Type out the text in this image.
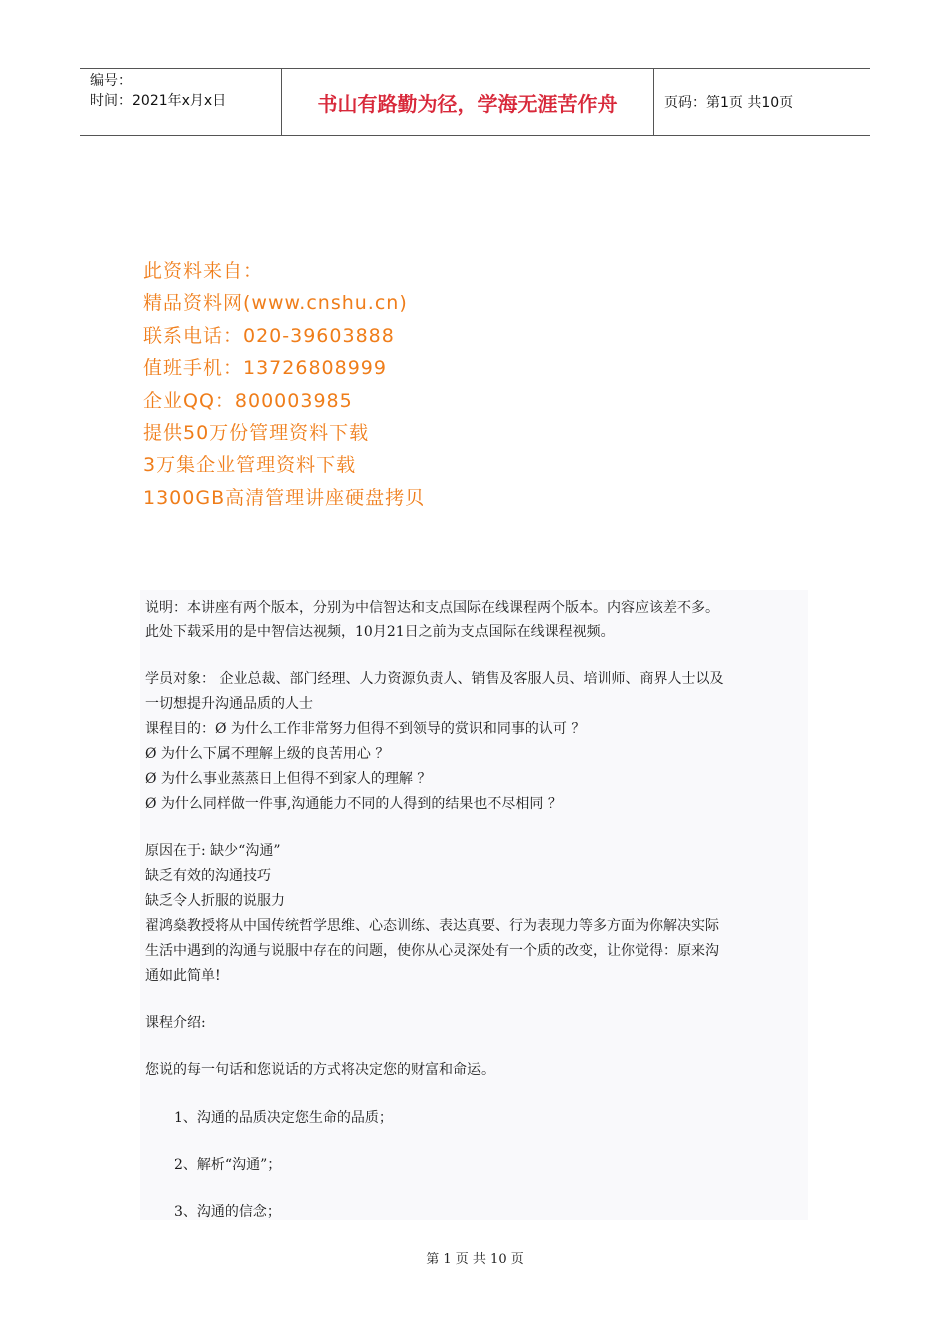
编号：
时间：2021年x月x日	书山有路勤为径，学海无涯苦作舟	页码：第1页 共10页
此资料来自：
精品资料网(www.cnshu.cn)
联系电话：020-39603888
值班手机：13726808999
企业QQ：800003985
提供50万份管理资料下载
3万集企业管理资料下载
1300GB高清管理讲座硬盘拷贝
说明：本讲座有两个版本，分别为中信智达和支点国际在线课程两个版本。内容应该差不多。
此处下载采用的是中智信达视频，10月21日之前为支点国际在线课程视频。
学员对象： 企业总裁、部门经理、人力资源负责人、销售及客服人员、培训师、商界人士以及
一切想提升沟通品质的人士
课程目的：Ø 为什么工作非常努力但得不到领导的赏识和同事的认可 ？
Ø 为什么下属不理解上级的良苦用心 ？
Ø 为什么事业蒸蒸日上但得不到家人的理解 ？
Ø 为什么同样做一件事,沟通能力不同的人得到的结果也不尽相同 ？
原因在于: 缺少“沟通”
缺乏有效的沟通技巧
缺乏令人折服的说服力
翟鸿燊教授将从中国传统哲学思维、心态训练、表达真要、行为表现力等多方面为你解决实际
生活中遇到的沟通与说服中存在的问题，使你从心灵深处有一个质的改变，让你觉得：原来沟
通如此简单!
课程介绍:
您说的每一句话和您说话的方式将决定您的财富和命运。
1、沟通的品质决定您生命的品质；
2、解析“沟通”；
3、沟通的信念；
第 1 页 共 10 页
